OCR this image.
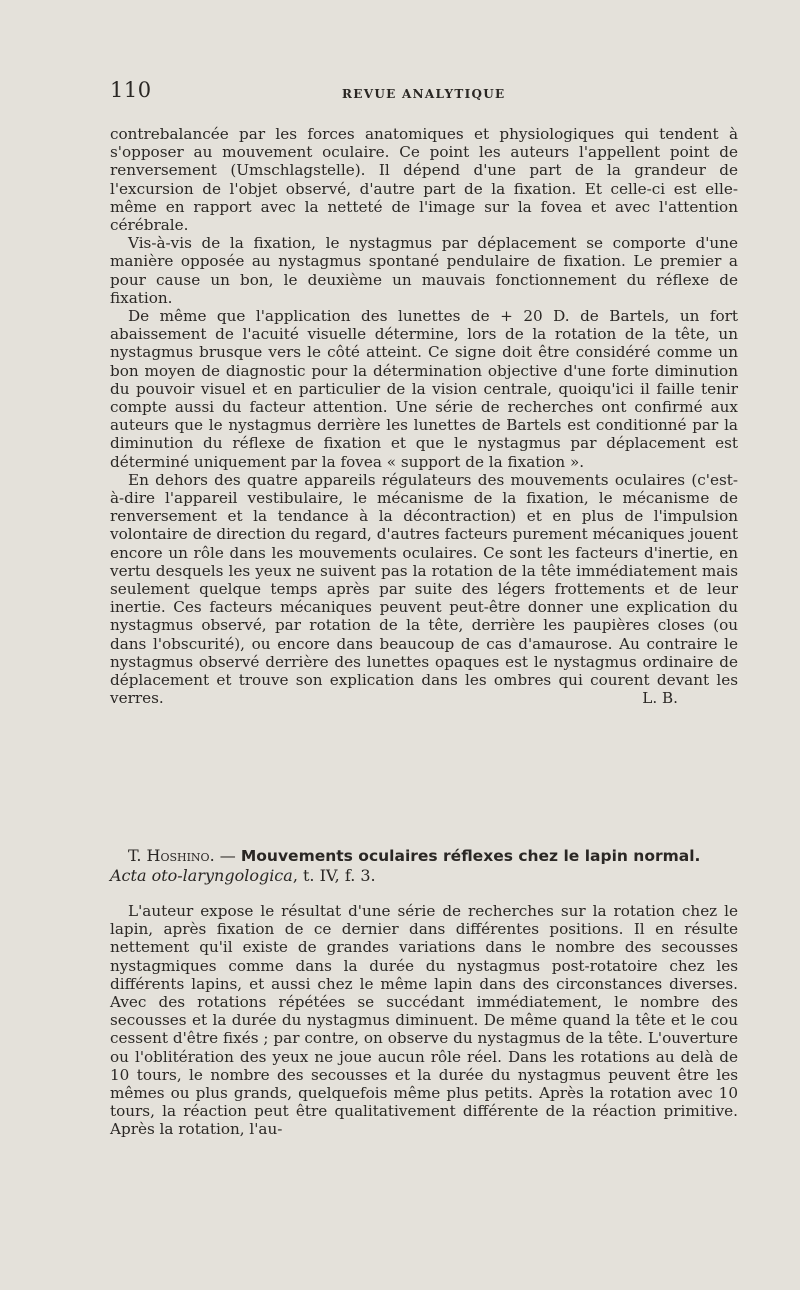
110	REVUE ANALYTIQUE

contrebalancée par les forces anatomiques et physiologiques qui tendent à s'opposer au mouvement oculaire. Ce point les auteurs l'appellent point de renversement (Umschlagstelle). Il dépend d'une part de la grandeur de l'excursion de l'objet observé, d'autre part de la fixation. Et celle-ci est elle-même en rapport avec la netteté de l'image sur la fovea et avec l'attention cérébrale.

Vis-à-vis de la fixation, le nystagmus par déplacement se comporte d'une manière opposée au nystagmus spontané pendulaire de fixation. Le premier a pour cause un bon, le deuxième un mauvais fonctionnement du réflexe de fixation.

De même que l'application des lunettes de + 20 D. de Bartels, un fort abaissement de l'acuité visuelle détermine, lors de la rotation de la tête, un nystagmus brusque vers le côté atteint. Ce signe doit être considéré comme un bon moyen de diagnostic pour la détermination objective d'une forte diminution du pouvoir visuel et en particulier de la vision centrale, quoiqu'ici il faille tenir compte aussi du facteur attention. Une série de recherches ont confirmé aux auteurs que le nystagmus derrière les lunettes de Bartels est conditionné par la diminution du réflexe de fixation et que le nystagmus par déplacement est déterminé uniquement par la fovea « support de la fixation ».

En dehors des quatre appareils régulateurs des mouvements oculaires (c'est-à-dire l'appareil vestibulaire, le mécanisme de la fixation, le mécanisme de renversement et la tendance à la décontraction) et en plus de l'impulsion volontaire de direction du regard, d'autres facteurs purement mécaniques jouent encore un rôle dans les mouvements oculaires. Ce sont les facteurs d'inertie, en vertu desquels les yeux ne suivent pas la rotation de la tête immédiatement mais seulement quelque temps après par suite des légers frottements et de leur inertie. Ces facteurs mécaniques peuvent peut-être donner une explication du nystagmus observé, par rotation de la tête, derrière les paupières closes (ou dans l'obscurité), ou encore dans beaucoup de cas d'amaurose. Au contraire le nystagmus observé derrière des lunettes opaques est le nystagmus ordinaire de déplacement et trouve son explication dans les ombres qui courent devant les verres.	L. B.
T. Hoshino. — Mouvements oculaires réflexes chez le lapin normal. Acta oto-laryngologica, t. IV, f. 3.

L'auteur expose le résultat d'une série de recherches sur la rotation chez le lapin, après fixation de ce dernier dans différentes positions. Il en résulte nettement qu'il existe de grandes variations dans le nombre des secousses nystagmiques comme dans la durée du nystagmus post-rotatoire chez les différents lapins, et aussi chez le même lapin dans des circonstances diverses. Avec des rotations répétées se succédant immédiatement, le nombre des secousses et la durée du nystagmus diminuent. De même quand la tête et le cou cessent d'être fixés ; par contre, on observe du nystagmus de la tête. L'ouverture ou l'oblitération des yeux ne joue aucun rôle réel. Dans les rotations au delà de 10 tours, le nombre des secousses et la durée du nystagmus peuvent être les mêmes ou plus grands, quelquefois même plus petits. Après la rotation avec 10 tours, la réaction peut être qualitativement différente de la réaction primitive. Après la rotation, l'au-
